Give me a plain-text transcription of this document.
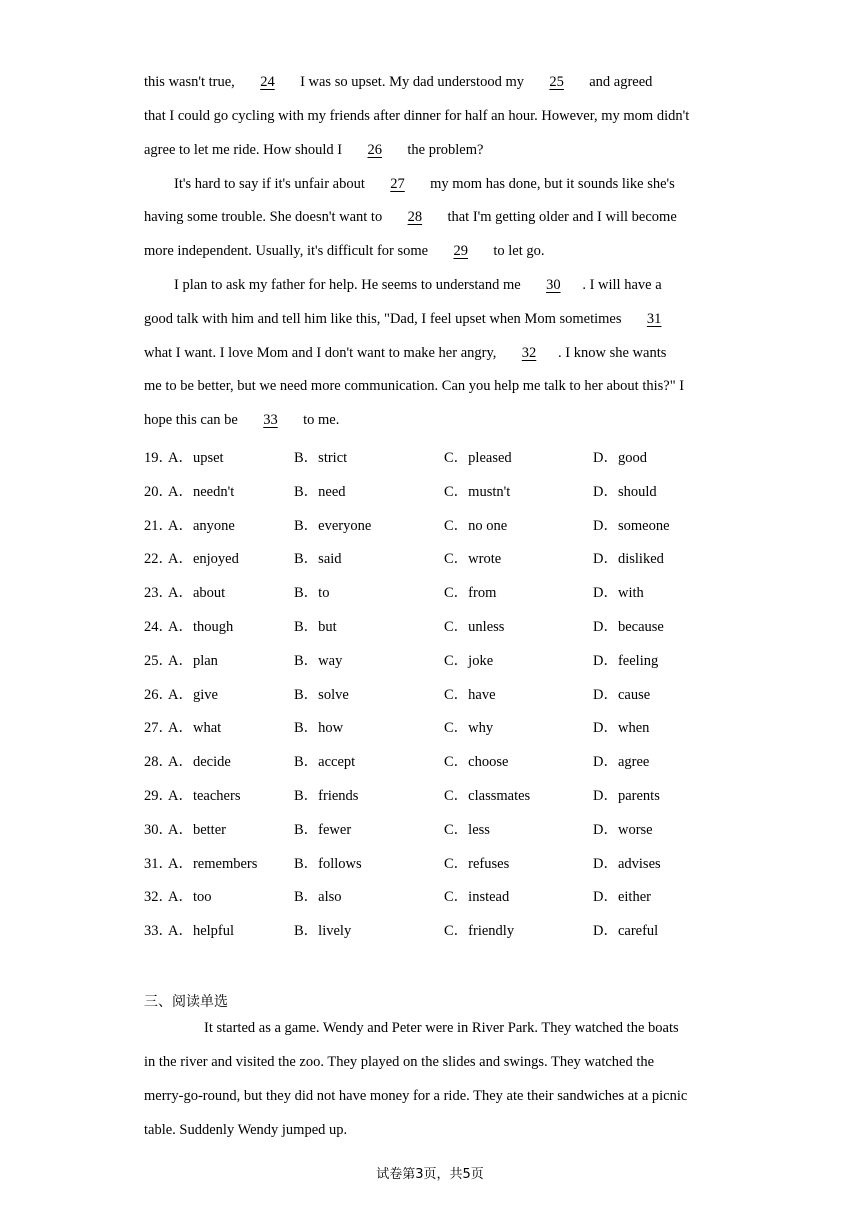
this wasn't true, 24 I was so upset. My dad understood my 25 and agreed
that I could go cycling with my friends after dinner for half an hour. However, my mom didn't
agree to let me ride. How should I 26 the problem?
It's hard to say if it's unfair about 27 my mom has done, but it sounds like she's
having some trouble. She doesn't want to 28 that I'm getting older and I will become
more independent. Usually, it's difficult for some 29 to let go.
I plan to ask my father for help. He seems to understand me 30 . I will have a
good talk with him and tell him like this, "Dad, I feel upset when Mom sometimes 31
what I want. I love Mom and I don't want to make her angry, 32 . I know she wants
me to be better, but we need more communication. Can you help me talk to her about this?" I
hope this can be 33 to me.
19．
A．upset	B．strict	C．pleased	D．good
20．
A．needn't	B．need	C．mustn't	D．should
21．
A．anyone	B．everyone	C．no one	D．someone
22．
A．enjoyed	B．said	C．wrote	D．disliked
23．
A．about	B．to	C．from	D．with
24．
A．though	B．but	C．unless	D．because
25．
A．plan	B．way	C．joke	D．feeling
26．
A．give	B．solve	C．have	D．cause
27．
A．what	B．how	C．why	D．when
28．
A．decide	B．accept	C．choose	D．agree
29．
A．teachers	B．friends	C．classmates	D．parents
30．
A．better	B．fewer	C．less	D．worse
31．
A．remembers	B．follows	C．refuses	D．advises
32．
A．too	B．also	C．instead	D．either
33．
A．helpful	B．lively	C．friendly	D．careful
三、阅读单选
It started as a game. Wendy and Peter were in River Park. They watched the boats
in the river and visited the zoo. They played on the slides and swings. They watched the
merry-go-round, but they did not have money for a ride. They ate their sandwiches at a picnic
table. Suddenly Wendy jumped up.
试卷第3页，共5页
